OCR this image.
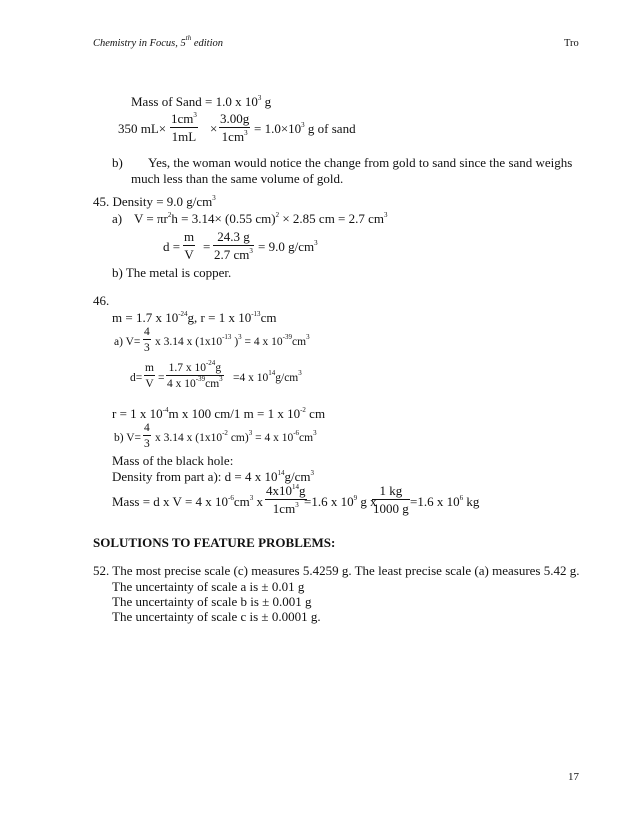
Chemistry in Focus, 5th edition	Tro
Mass of Sand = 1.0 x $10^3$ g
350 mL×
$1cm^3$
1mL
×
3.00g
$1cm^3 = 1.0\times 10^3$ g of sand
b) Yes, the woman would notice the change from gold to sand since the sand weighs
much less than the same volume of gold.
45. Density = 9.0 $g/cm^3$
a) $V = \pi r^2h = 3.14\times (0.55$ cm)$^2$ × 2.85 cm = 2.7 $cm^3$
d =
m
V
=
24.3 g
2.7 $cm^3 = 9.0$ $g/cm^3$
b) The metal is copper.
46.
m = 1.7 x $10^{-24}g$, r = 1 x $10^{-13}cm$
a) V=
4
3 x 3.14 x ($1x10^{-13}$ )$^3$ = 4 x $10^{-39}cm^3$
d=
m
V =
1.7 x $10^{-24}g$
4 x $10^{-39}cm^3 =4$ x $10^{14}g/cm^3$
r = 1 x $10^{-4}m$ x 100 cm/1 m = 1 x $10^{-2}$ cm
b) V=
4
3 x 3.14 x ($1x10^{-2}$ cm)$^3$ = 4 x $10^{-6}cm^3$
Mass of the black hole:
Density from part a): d = 4 x $10^{14}g/cm^3$
Mass = d x V = 4 x $10^{-6}cm^3$ x
$4x10^{14}g$
$1cm^3 =1.6$ x $10^9$ g x
1 kg
1000 g =1.6 x $10^6$ kg
SOLUTIONS TO FEATURE PROBLEMS:
52. The most precise scale (c) measures 5.4259 g. The least precise scale (a) measures 5.42 g.
The uncertainty of scale a is ± 0.01 g
The uncertainty of scale b is ± 0.001 g
The uncertainty of scale c is ± 0.0001 g.
17
